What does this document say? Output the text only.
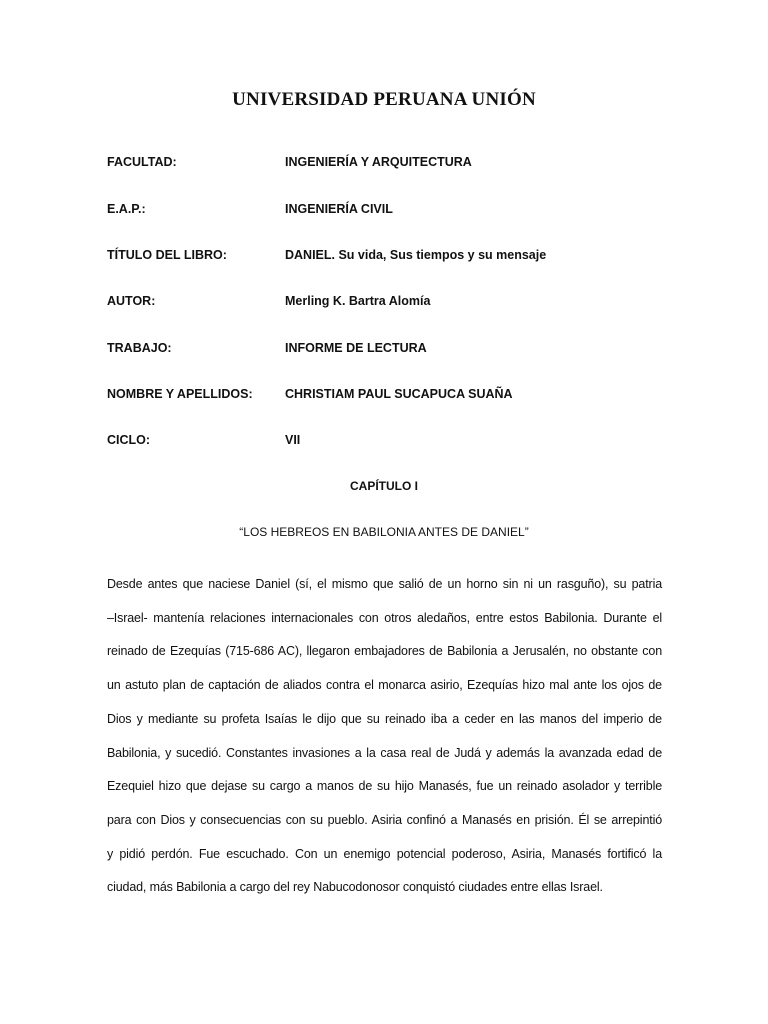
UNIVERSIDAD PERUANA UNIÓN
FACULTAD:	INGENIERÍA Y ARQUITECTURA
E.A.P.:	INGENIERÍA CIVIL
TÍTULO DEL LIBRO:	DANIEL. Su vida, Sus tiempos y su mensaje
AUTOR:	Merling K. Bartra Alomía
TRABAJO:	INFORME DE LECTURA
NOMBRE Y APELLIDOS:	CHRISTIAM PAUL SUCAPUCA SUAÑA
CICLO:	VII
CAPÍTULO I
“LOS HEBREOS EN BABILONIA ANTES DE DANIEL”
Desde antes que naciese Daniel (sí, el mismo que salió de un horno sin ni un rasguño), su patria
–Israel- mantenía relaciones internacionales con otros aledaños, entre estos Babilonia. Durante el
reinado de Ezequías (715-686 AC), llegaron embajadores de Babilonia a Jerusalén, no obstante con
un astuto plan de captación de aliados contra el monarca asirio, Ezequías hizo mal ante los ojos de
Dios y mediante su profeta Isaías le dijo que su reinado iba a ceder en las manos del imperio de
Babilonia, y sucedió. Constantes invasiones a la casa real de Judá y además la avanzada edad de
Ezequiel hizo que dejase su cargo a manos de su hijo Manasés, fue un reinado asolador y terrible
para con Dios y consecuencias con su pueblo. Asiria confinó a Manasés en prisión. Él se arrepintió
y pidió perdón. Fue escuchado. Con un enemigo potencial poderoso, Asiria, Manasés fortificó la
ciudad, más Babilonia a cargo del rey Nabucodonosor conquistó ciudades entre ellas Israel.
